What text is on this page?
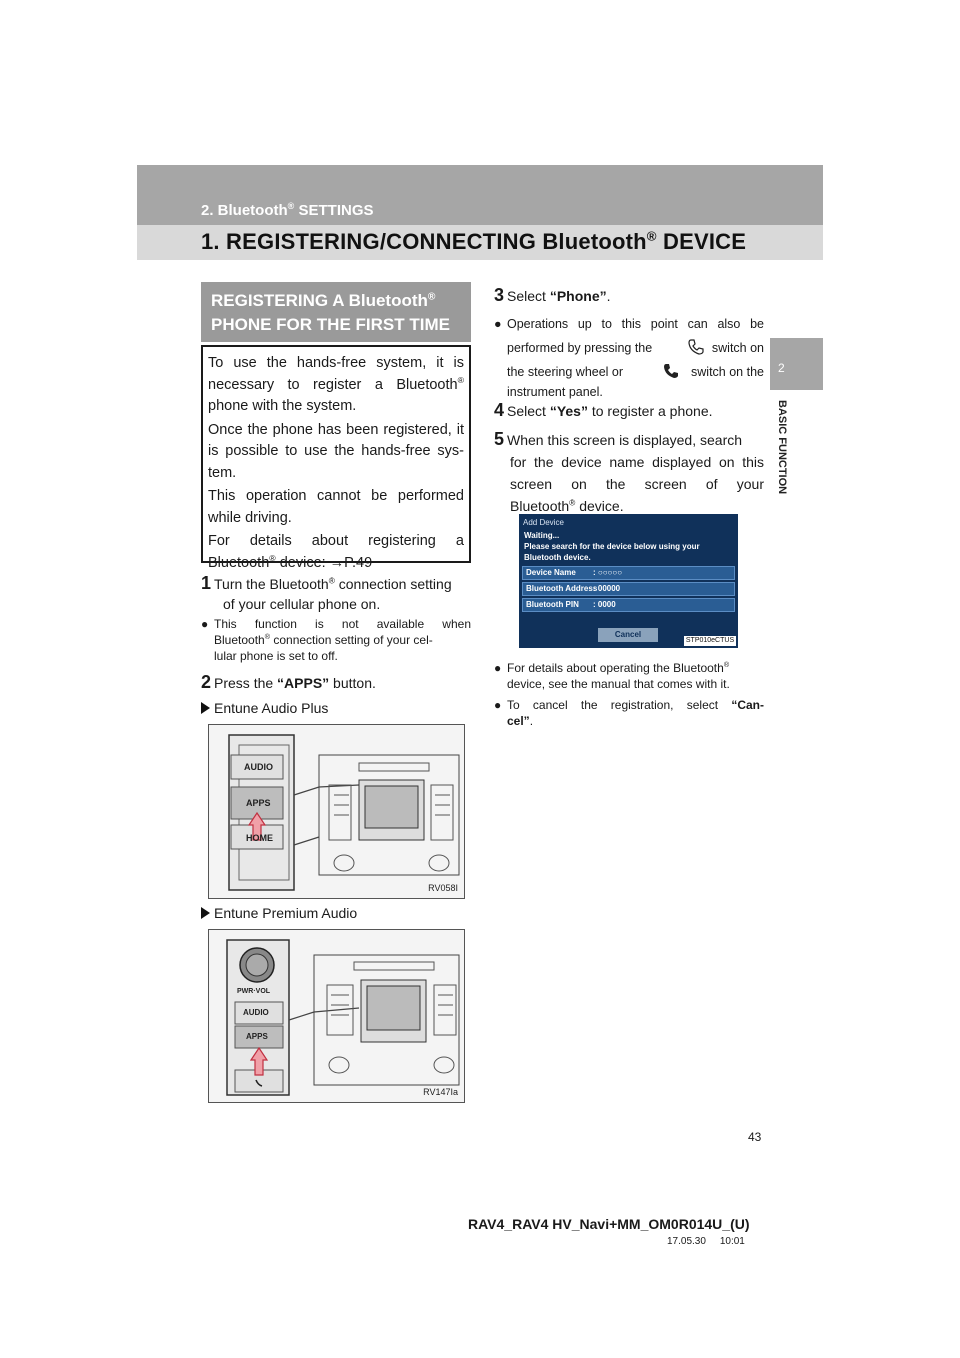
2. Bluetooth® SETTINGS
1. REGISTERING/CONNECTING Bluetooth® DEVICE
2
BASIC FUNCTION
REGISTERING A Bluetooth®
PHONE FOR THE FIRST TIME

To use the hands-free system, it is
necessary to register a Bluetooth®
phone with the system.

Once the phone has been registered, it
is possible to use the hands-free sys-
tem.

This operation cannot be performed
while driving.

For details about registering a
Bluetooth® device: →P.49

1 Turn the Bluetooth® connection setting
of your cellular phone on.
● This function is not available when
Bluetooth® connection setting of your cel-
lular phone is set to off.
2 Press the “APPS” button.
Entune Audio Plus
AUDIO
APPS
HOME
RV058I
Entune Premium Audio
PWR·VOL
AUDIO
APPS
RV147Ia
3 Select “Phone”.
● Operations up to this point can also be
performed by pressing the	switch on
the steering wheel or	switch on the
instrument panel.
4 Select “Yes” to register a phone.
5 When this screen is displayed, search
for the device name displayed on this
screen on the screen of your
Bluetooth® device.
Add Device
Waiting...
Please search for the device below using your Bluetooth device.
Device Name : ○○○○○
Bluetooth Address
: 00000
Bluetooth PIN : 0000
Cancel
STP010eCTUS
● For details about operating the Bluetooth®
device, see the manual that comes with it.
● To cancel the registration, select “Can-
cel”.
43
RAV4_RAV4 HV_Navi+MM_OM0R014U_(U)
17.05.30     10:01
